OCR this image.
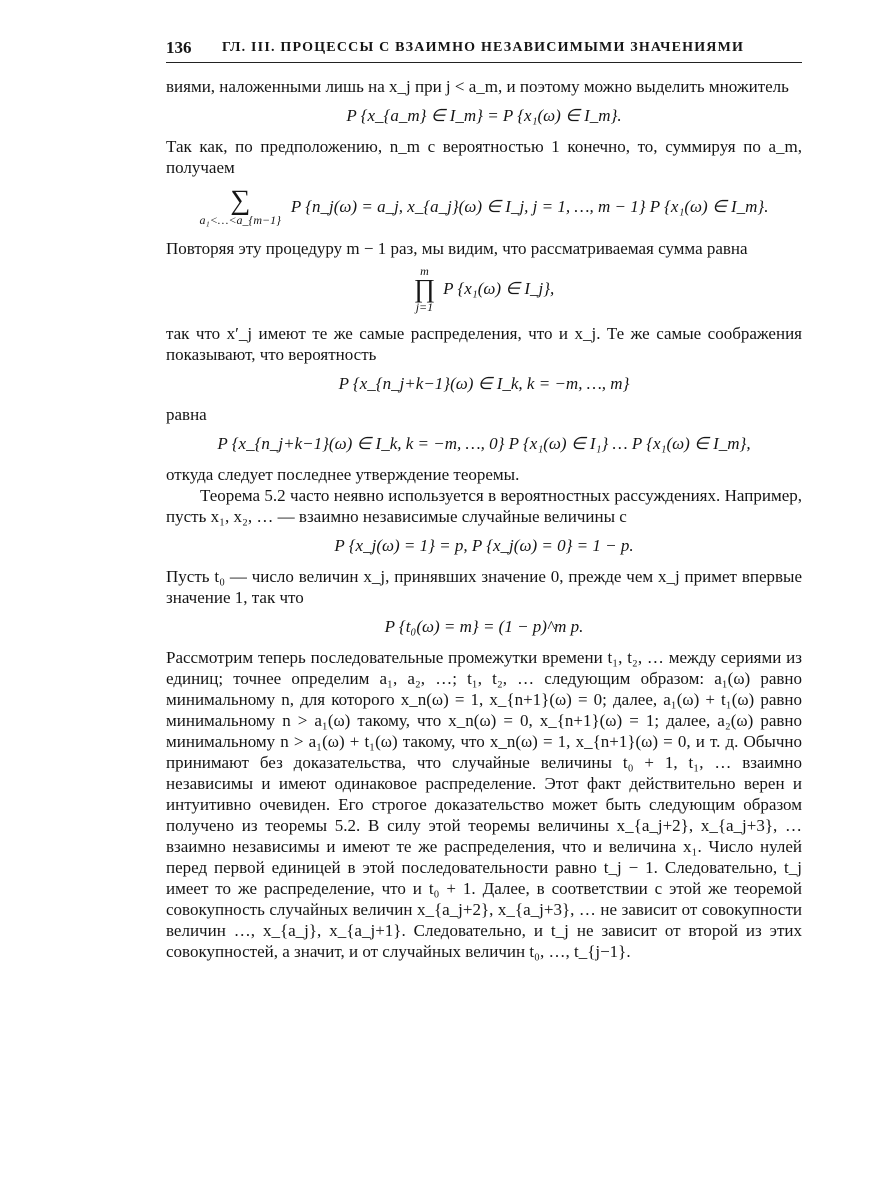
136 ГЛ. III. ПРОЦЕССЫ С ВЗАИМНО НЕЗАВИСИМЫМИ ЗНАЧЕНИЯМИ

виями, наложенными лишь на x_j при j < a_m, и поэтому можно выделить множитель

P {x_{a_m} ∈ I_m} = P {x₁(ω) ∈ I_m}.

Так как, по предположению, n_m с вероятностью 1 конечно, то, суммируя по a_m, получаем

∑
a₁<…<a_{m−1}
P {n_j(ω) = a_j, x_{a_j}(ω) ∈ I_j, j = 1, …, m − 1} P {x₁(ω) ∈ I_m}.

Повторяя эту процедуру m − 1 раз, мы видим, что рассматриваемая сумма равна

m
∏
j=1
P {x₁(ω) ∈ I_j},

так что x′_j имеют те же самые распределения, что и x_j. Те же самые соображения показывают, что вероятность

P {x_{n_j+k−1}(ω) ∈ I_k, k = −m, …, m}

равна

P {x_{n_j+k−1}(ω) ∈ I_k, k = −m, …, 0} P {x₁(ω) ∈ I₁} … P {x₁(ω) ∈ I_m},

откуда следует последнее утверждение теоремы.

Теорема 5.2 часто неявно используется в вероятностных рассуждениях. Например, пусть x₁, x₂, … — взаимно независимые случайные величины с

P {x_j(ω) = 1} = p, P {x_j(ω) = 0} = 1 − p.

Пусть t₀ — число величин x_j, принявших значение 0, прежде чем x_j примет впервые значение 1, так что

P {t₀(ω) = m} = (1 − p)^m p.

Рассмотрим теперь последовательные промежутки времени t₁, t₂, … между сериями из единиц; точнее определим a₁, a₂, …; t₁, t₂, … следующим образом: a₁(ω) равно минимальному n, для которого x_n(ω) = 1, x_{n+1}(ω) = 0; далее, a₁(ω) + t₁(ω) равно минимальному n > a₁(ω) такому, что x_n(ω) = 0, x_{n+1}(ω) = 1; далее, a₂(ω) равно минимальному n > a₁(ω) + t₁(ω) такому, что x_n(ω) = 1, x_{n+1}(ω) = 0, и т. д. Обычно принимают без доказательства, что случайные величины t₀ + 1, t₁, … взаимно независимы и имеют одинаковое распределение. Этот факт действительно верен и интуитивно очевиден. Его строгое доказательство может быть следующим образом получено из теоремы 5.2. В силу этой теоремы величины x_{a_j+2}, x_{a_j+3}, … взаимно независимы и имеют те же распределения, что и величина x₁. Число нулей перед первой единицей в этой последовательности равно t_j − 1. Следовательно, t_j имеет то же распределение, что и t₀ + 1. Далее, в соответствии с этой же теоремой совокупность случайных величин x_{a_j+2}, x_{a_j+3}, … не зависит от совокупности величин …, x_{a_j}, x_{a_j+1}. Следовательно, и t_j не зависит от второй из этих совокупностей, а значит, и от случайных величин t₀, …, t_{j−1}.
